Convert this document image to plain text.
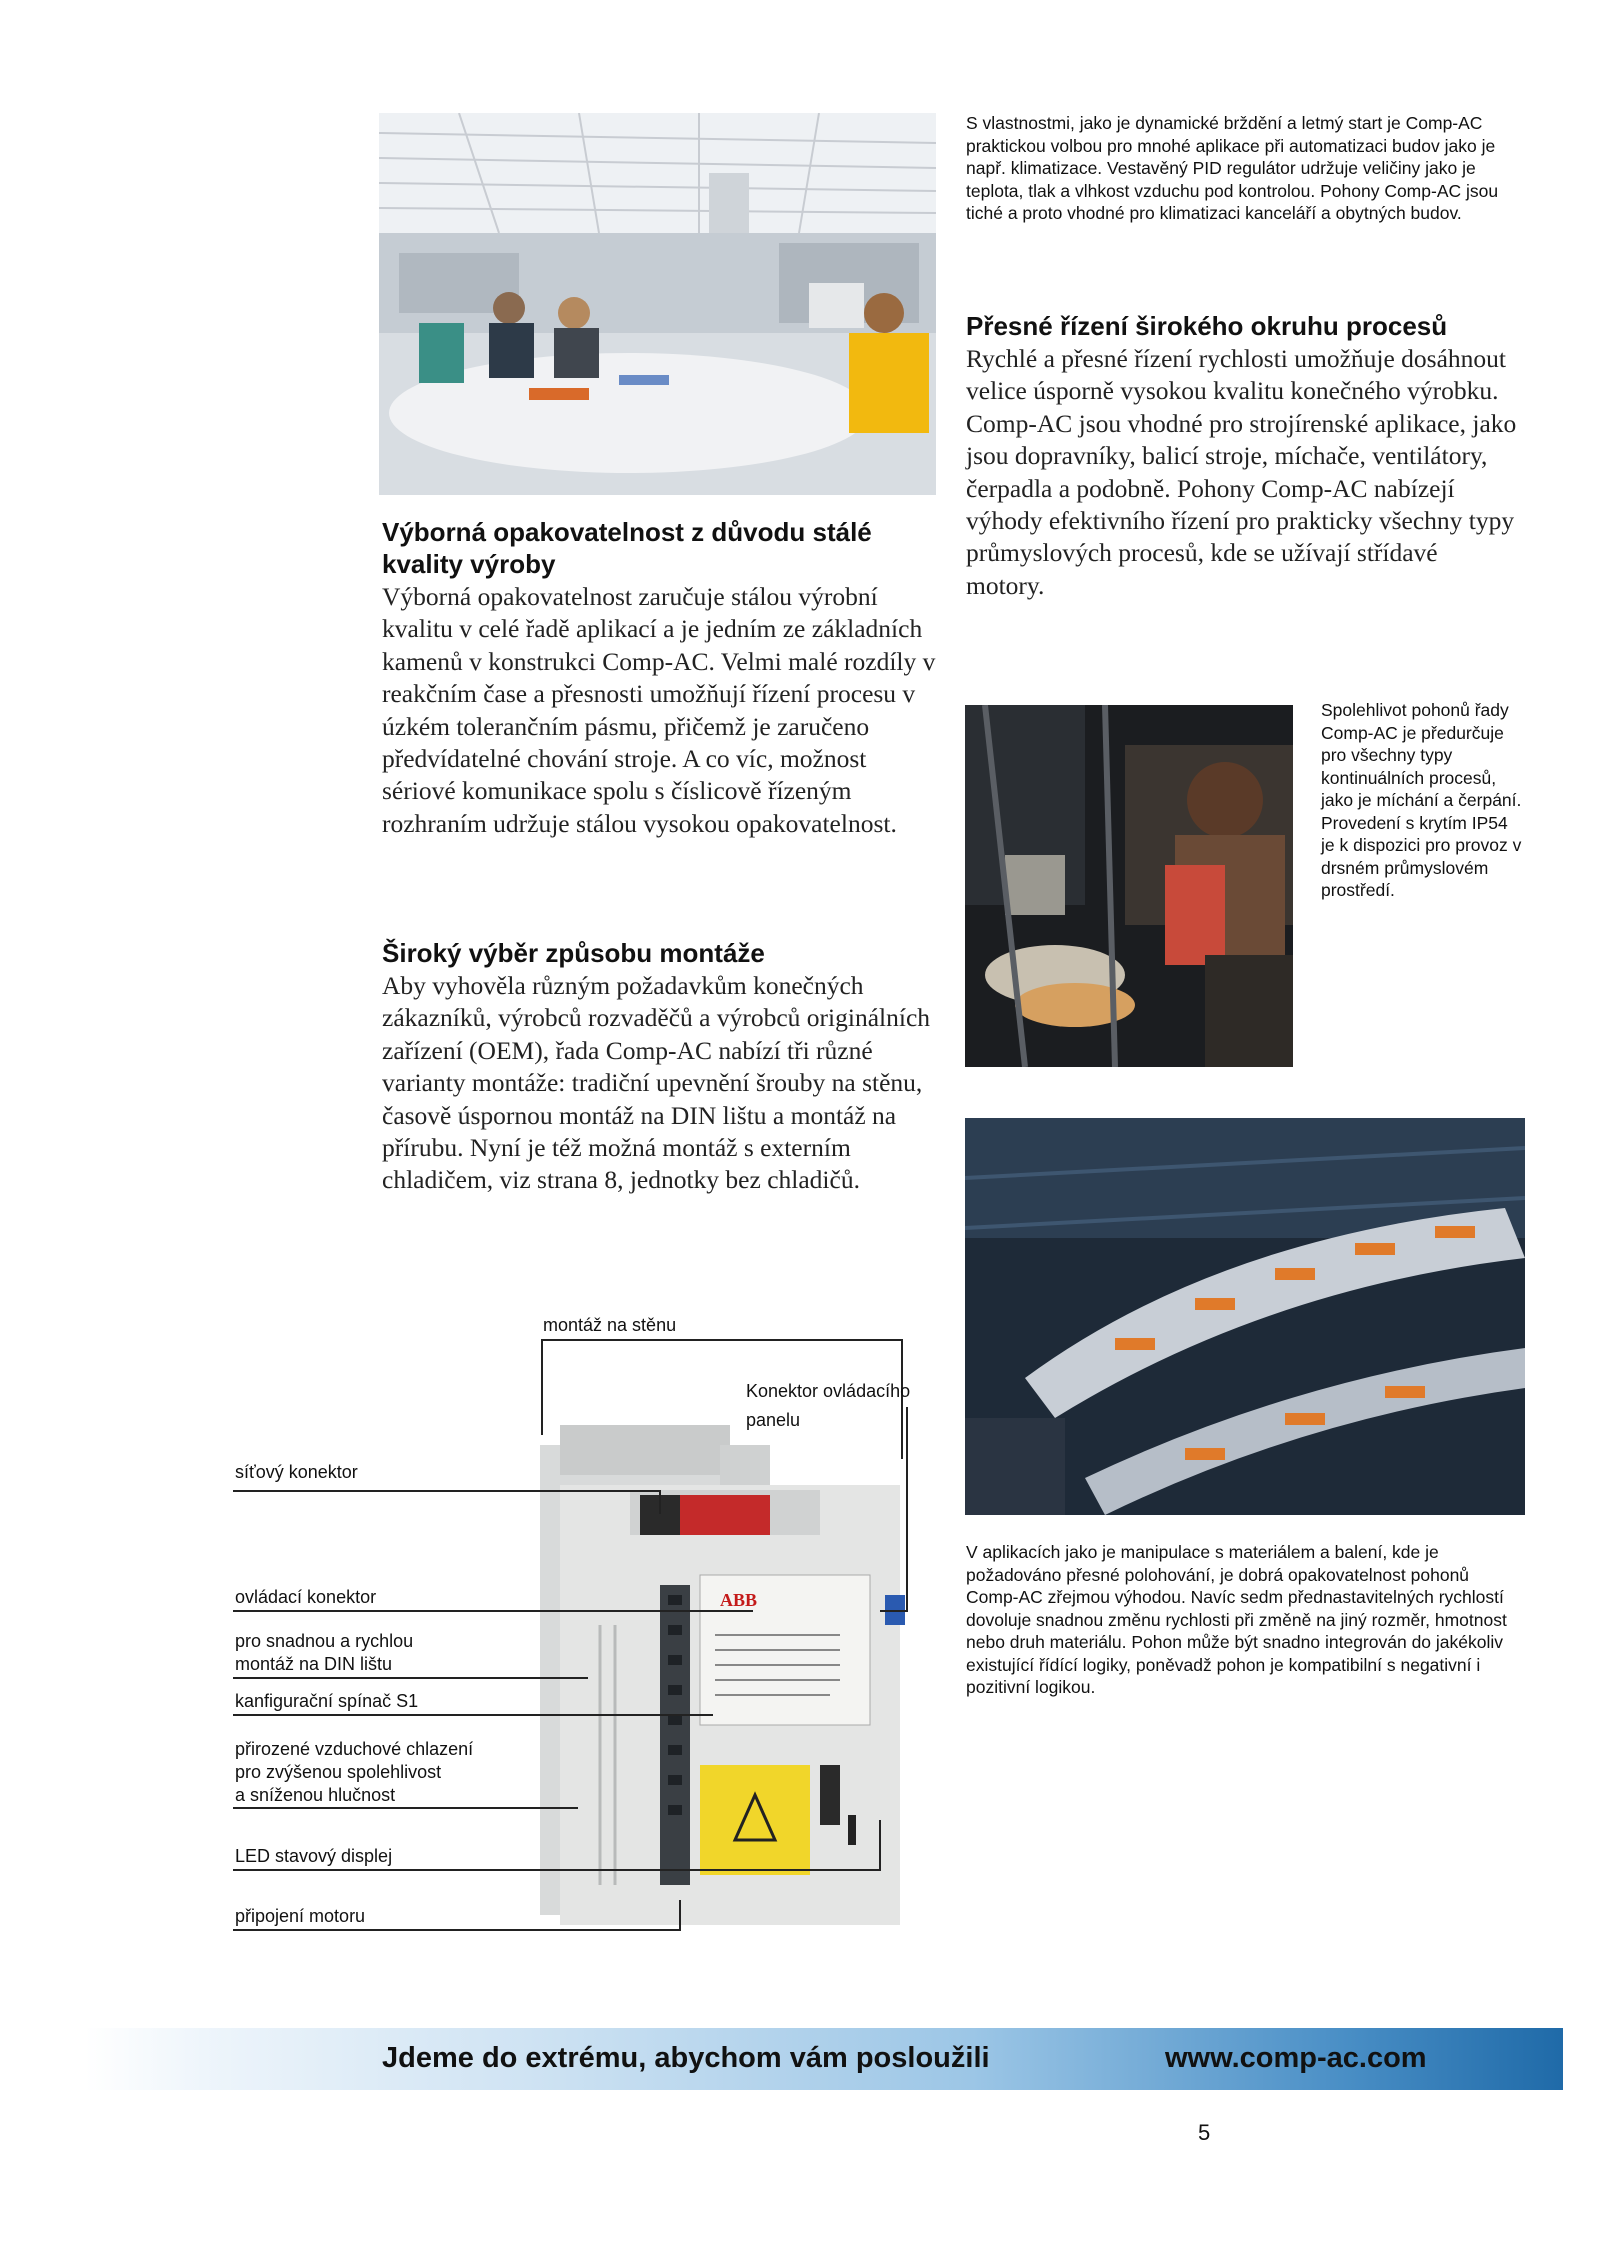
S vlastnostmi, jako je dynamické brždění a letmý start je Comp-AC praktickou volbou pro mnohé aplikace při automatizaci budov jako je např. klimatizace. Vestavěný PID regulátor udržuje veličiny jako je teplota, tlak a vlhkost vzduchu pod kontrolou. Pohony Comp-AC jsou tiché a proto vhodné pro klimatizaci kanceláří a obytných budov.
Přesné řízení širokého okruhu procesů
Rychlé a přesné řízení rychlosti umožňuje dosáhnout velice úsporně vysokou kvalitu konečného výrobku. Comp-AC jsou vhodné pro strojírenské aplikace, jako jsou dopravníky, balicí stroje, míchače, ventilátory, čerpadla a podobně. Pohony Comp-AC nabízejí výhody efektivního řízení pro prakticky všechny typy průmyslových procesů, kde se užívají střídavé motory.
Výborná opakovatelnost z důvodu stálé kvality výroby
Výborná opakovatelnost zaručuje stálou výrobní kvalitu v celé řadě aplikací a je jedním ze základních kamenů v konstrukci Comp-AC. Velmi malé rozdíly v reakčním čase a přesnosti umožňují řízení procesu v úzkém tolerančním pásmu, přičemž je zaručeno předvídatelné chování stroje. A co víc, možnost sériové komunikace spolu s číslicově řízeným rozhraním udržuje stálou vysokou opakovatelnost.
Široký výběr způsobu montáže
Aby vyhověla různým požadavkům konečných zákazníků, výrobců rozvaděčů a výrobců originálních zařízení (OEM), řada Comp-AC nabízí tři různé varianty montáže: tradiční upevnění šrouby na stěnu, časově úspornou montáž na DIN lištu a montáž na přírubu. Nyní je též možná montáž s externím chladičem, viz strana 8, jednotky bez chladičů.
Spolehlivot pohonů řady Comp-AC je předurčuje pro všechny typy kontinuálních procesů, jako je míchání a čerpání. Provedení s krytím IP54 je k dispozici pro provoz v drsném průmyslovém prostředí.
V aplikacích jako je manipulace s materiálem a balení, kde je požadováno přesné polohování, je dobrá opakovatelnost pohonů Comp-AC zřejmou výhodou. Navíc sedm přednastavitelných rychlostí dovoluje snadnou změnu rychlosti při změně na jiný rozměr, hmotnost nebo druh materiálu. Pohon může být snadno integrován do jakékoliv existující řídící logiky, poněvadž pohon je kompatibilní s negativní i pozitivní logikou.
ABB
montáž na stěnu
Konektor ovládacího
panelu
síťový konektor
ovládací konektor
pro snadnou a rychlou
montáž na DIN lištu
kanfigurační spínač S1
přirozené vzduchové chlazení
pro zvýšenou spolehlivost
a sníženou hlučnost
LED stavový displej
připojení motoru
Jdeme do extrému, abychom vám posloužili	www.comp-ac.com
5
